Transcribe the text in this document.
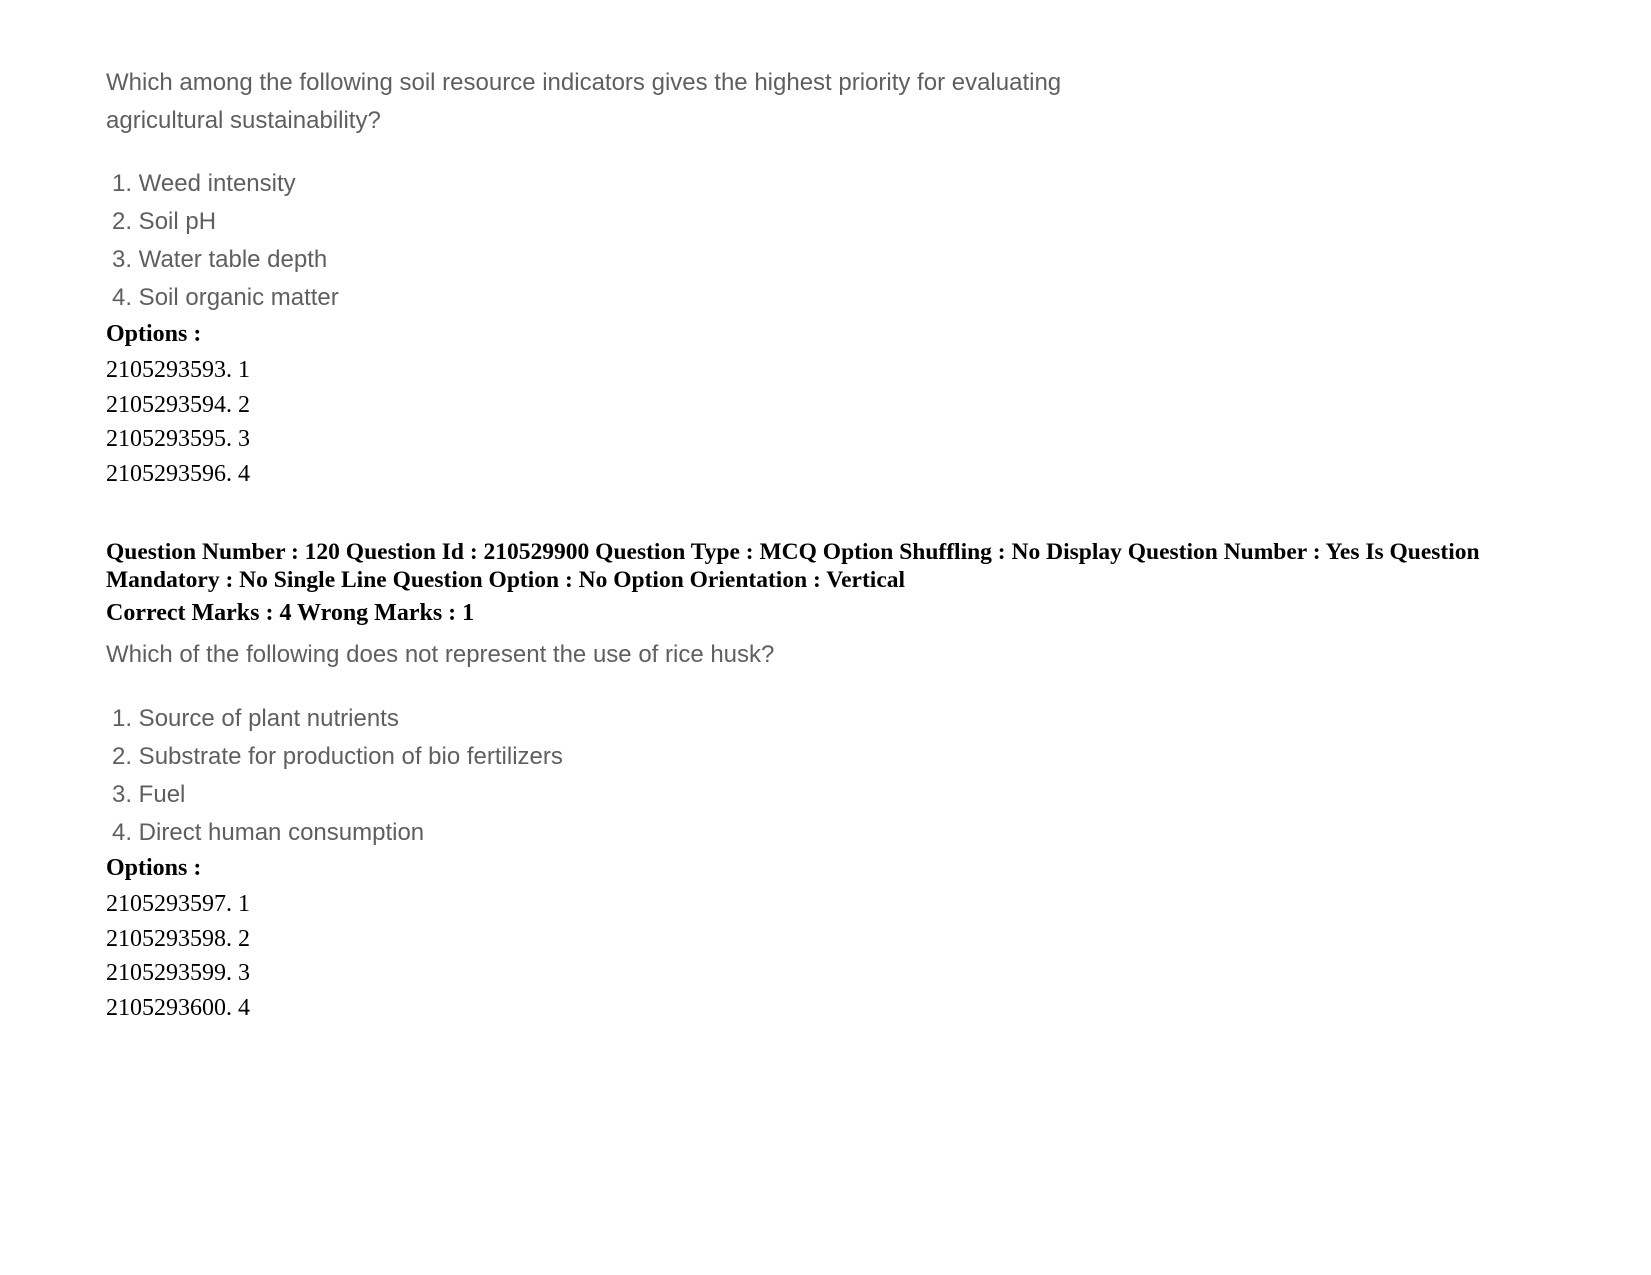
Which among the following soil resource indicators gives the highest priority for evaluating agricultural sustainability?

1. Weed intensity
2. Soil pH
3. Water table depth
4. Soil organic matter

Options :

2105293593. 1
2105293594. 2
2105293595. 3
2105293596. 4

Question Number : 120 Question Id : 210529900 Question Type : MCQ Option Shuffling : No Display Question Number : Yes Is Question Mandatory : No Single Line Question Option : No Option Orientation : Vertical

Correct Marks : 4 Wrong Marks : 1

Which of the following does not represent the use of rice husk?

1. Source of plant nutrients
2. Substrate for production of bio fertilizers
3. Fuel
4. Direct human consumption

Options :

2105293597. 1
2105293598. 2
2105293599. 3
2105293600. 4
